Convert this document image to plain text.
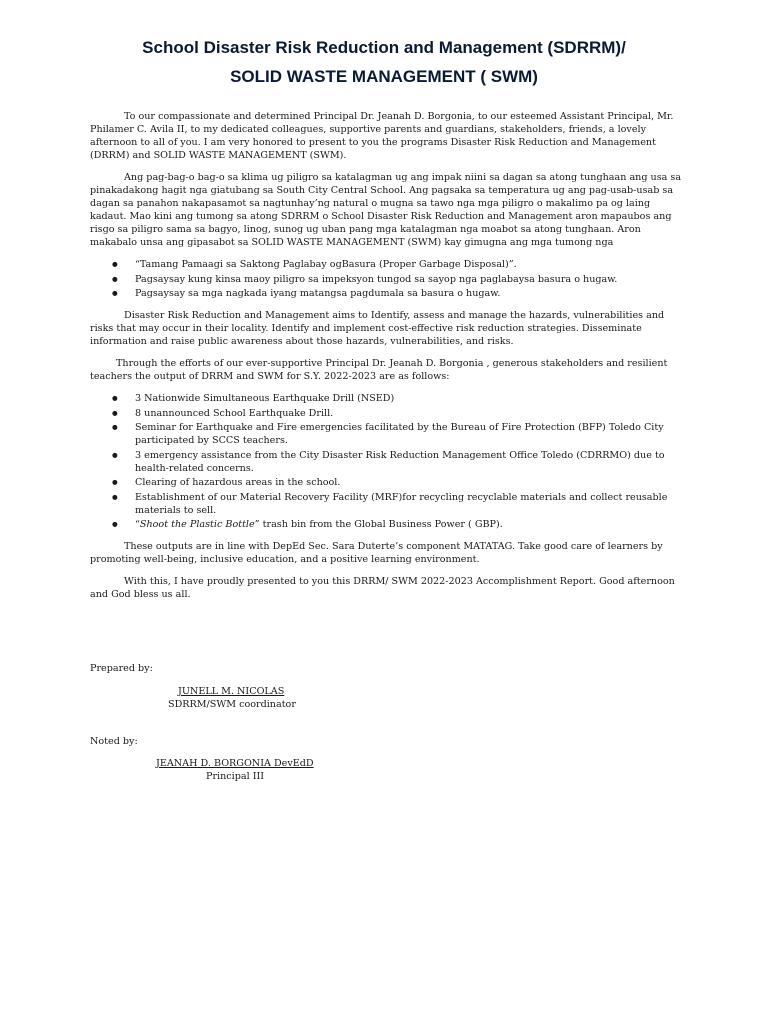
School Disaster Risk Reduction and Management (SDRRM)/
SOLID WASTE MANAGEMENT ( SWM)

To our compassionate and determined Principal Dr. Jeanah D. Borgonia, to our esteemed Assistant Principal, Mr. Philamer C. Avila II, to my dedicated colleagues, supportive parents and guardians, stakeholders, friends, a lovely afternoon to all of you. I am very honored to present to you the programs Disaster Risk Reduction and Management (DRRM) and SOLID WASTE MANAGEMENT (SWM).

Ang pag-bag-o bag-o sa klima ug piligro sa katalagman ug ang impak niini sa dagan sa atong tunghaan ang usa sa pinakadakong hagit nga giatubang sa South City Central School. Ang pagsaka sa temperatura ug ang pag-usab-usab sa dagan sa panahon nakapasamot sa nagtunhay’ng natural o mugna sa tawo nga mga piligro o makalimo pa og laing kadaut. Mao kini ang tumong sa atong SDRRM o School Disaster Risk Reduction and Management aron mapaubos ang risgo sa piligro sama sa bagyo, linog, sunog ug uban pang mga katalagman nga moabot sa atong tunghaan. Aron makabalo unsa ang gipasabot sa SOLID WASTE MANAGEMENT (SWM) kay gimugna ang mga tumong nga

● “Tamang Pamaagi sa Saktong Paglabay ogBasura (Proper Garbage Disposal)”.
● Pagsaysay kung kinsa maoy piligro sa impeksyon tungod sa sayop nga paglabaysa basura o hugaw.
● Pagsaysay sa mga nagkada iyang matangsa pagdumala sa basura o hugaw.

Disaster Risk Reduction and Management aims to Identify, assess and manage the hazards, vulnerabilities and risks that may occur in their locality. Identify and implement cost-effective risk reduction strategies. Disseminate information and raise public awareness about those hazards, vulnerabilities, and risks.

Through the efforts of our ever-supportive Principal Dr. Jeanah D. Borgonia , generous stakeholders and resilient teachers the output of DRRM and SWM for S.Y. 2022-2023 are as follows:

● 3 Nationwide Simultaneous Earthquake Drill (NSED)
● 8 unannounced School Earthquake Drill.
● Seminar for Earthquake and Fire emergencies facilitated by the Bureau of Fire Protection (BFP) Toledo City participated by SCCS teachers.
● 3 emergency assistance from the City Disaster Risk Reduction Management Office Toledo (CDRRMO) due to health-related concerns.
● Clearing of hazardous areas in the school.
● Establishment of our Material Recovery Facility (MRF)for recycling recyclable materials and collect reusable materials to sell.
● “Shoot the Plastic Bottle” trash bin from the Global Business Power ( GBP).

These outputs are in line with DepEd Sec. Sara Duterte’s component MATATAG. Take good care of learners by promoting well-being, inclusive education, and a positive learning environment.

With this, I have proudly presented to you this DRRM/ SWM 2022-2023 Accomplishment Report. Good afternoon and God bless us all.

Prepared by:
JUNELL M. NICOLAS
SDRRM/SWM coordinator
Noted by:
JEANAH D. BORGONIA DevEdD
Principal III
